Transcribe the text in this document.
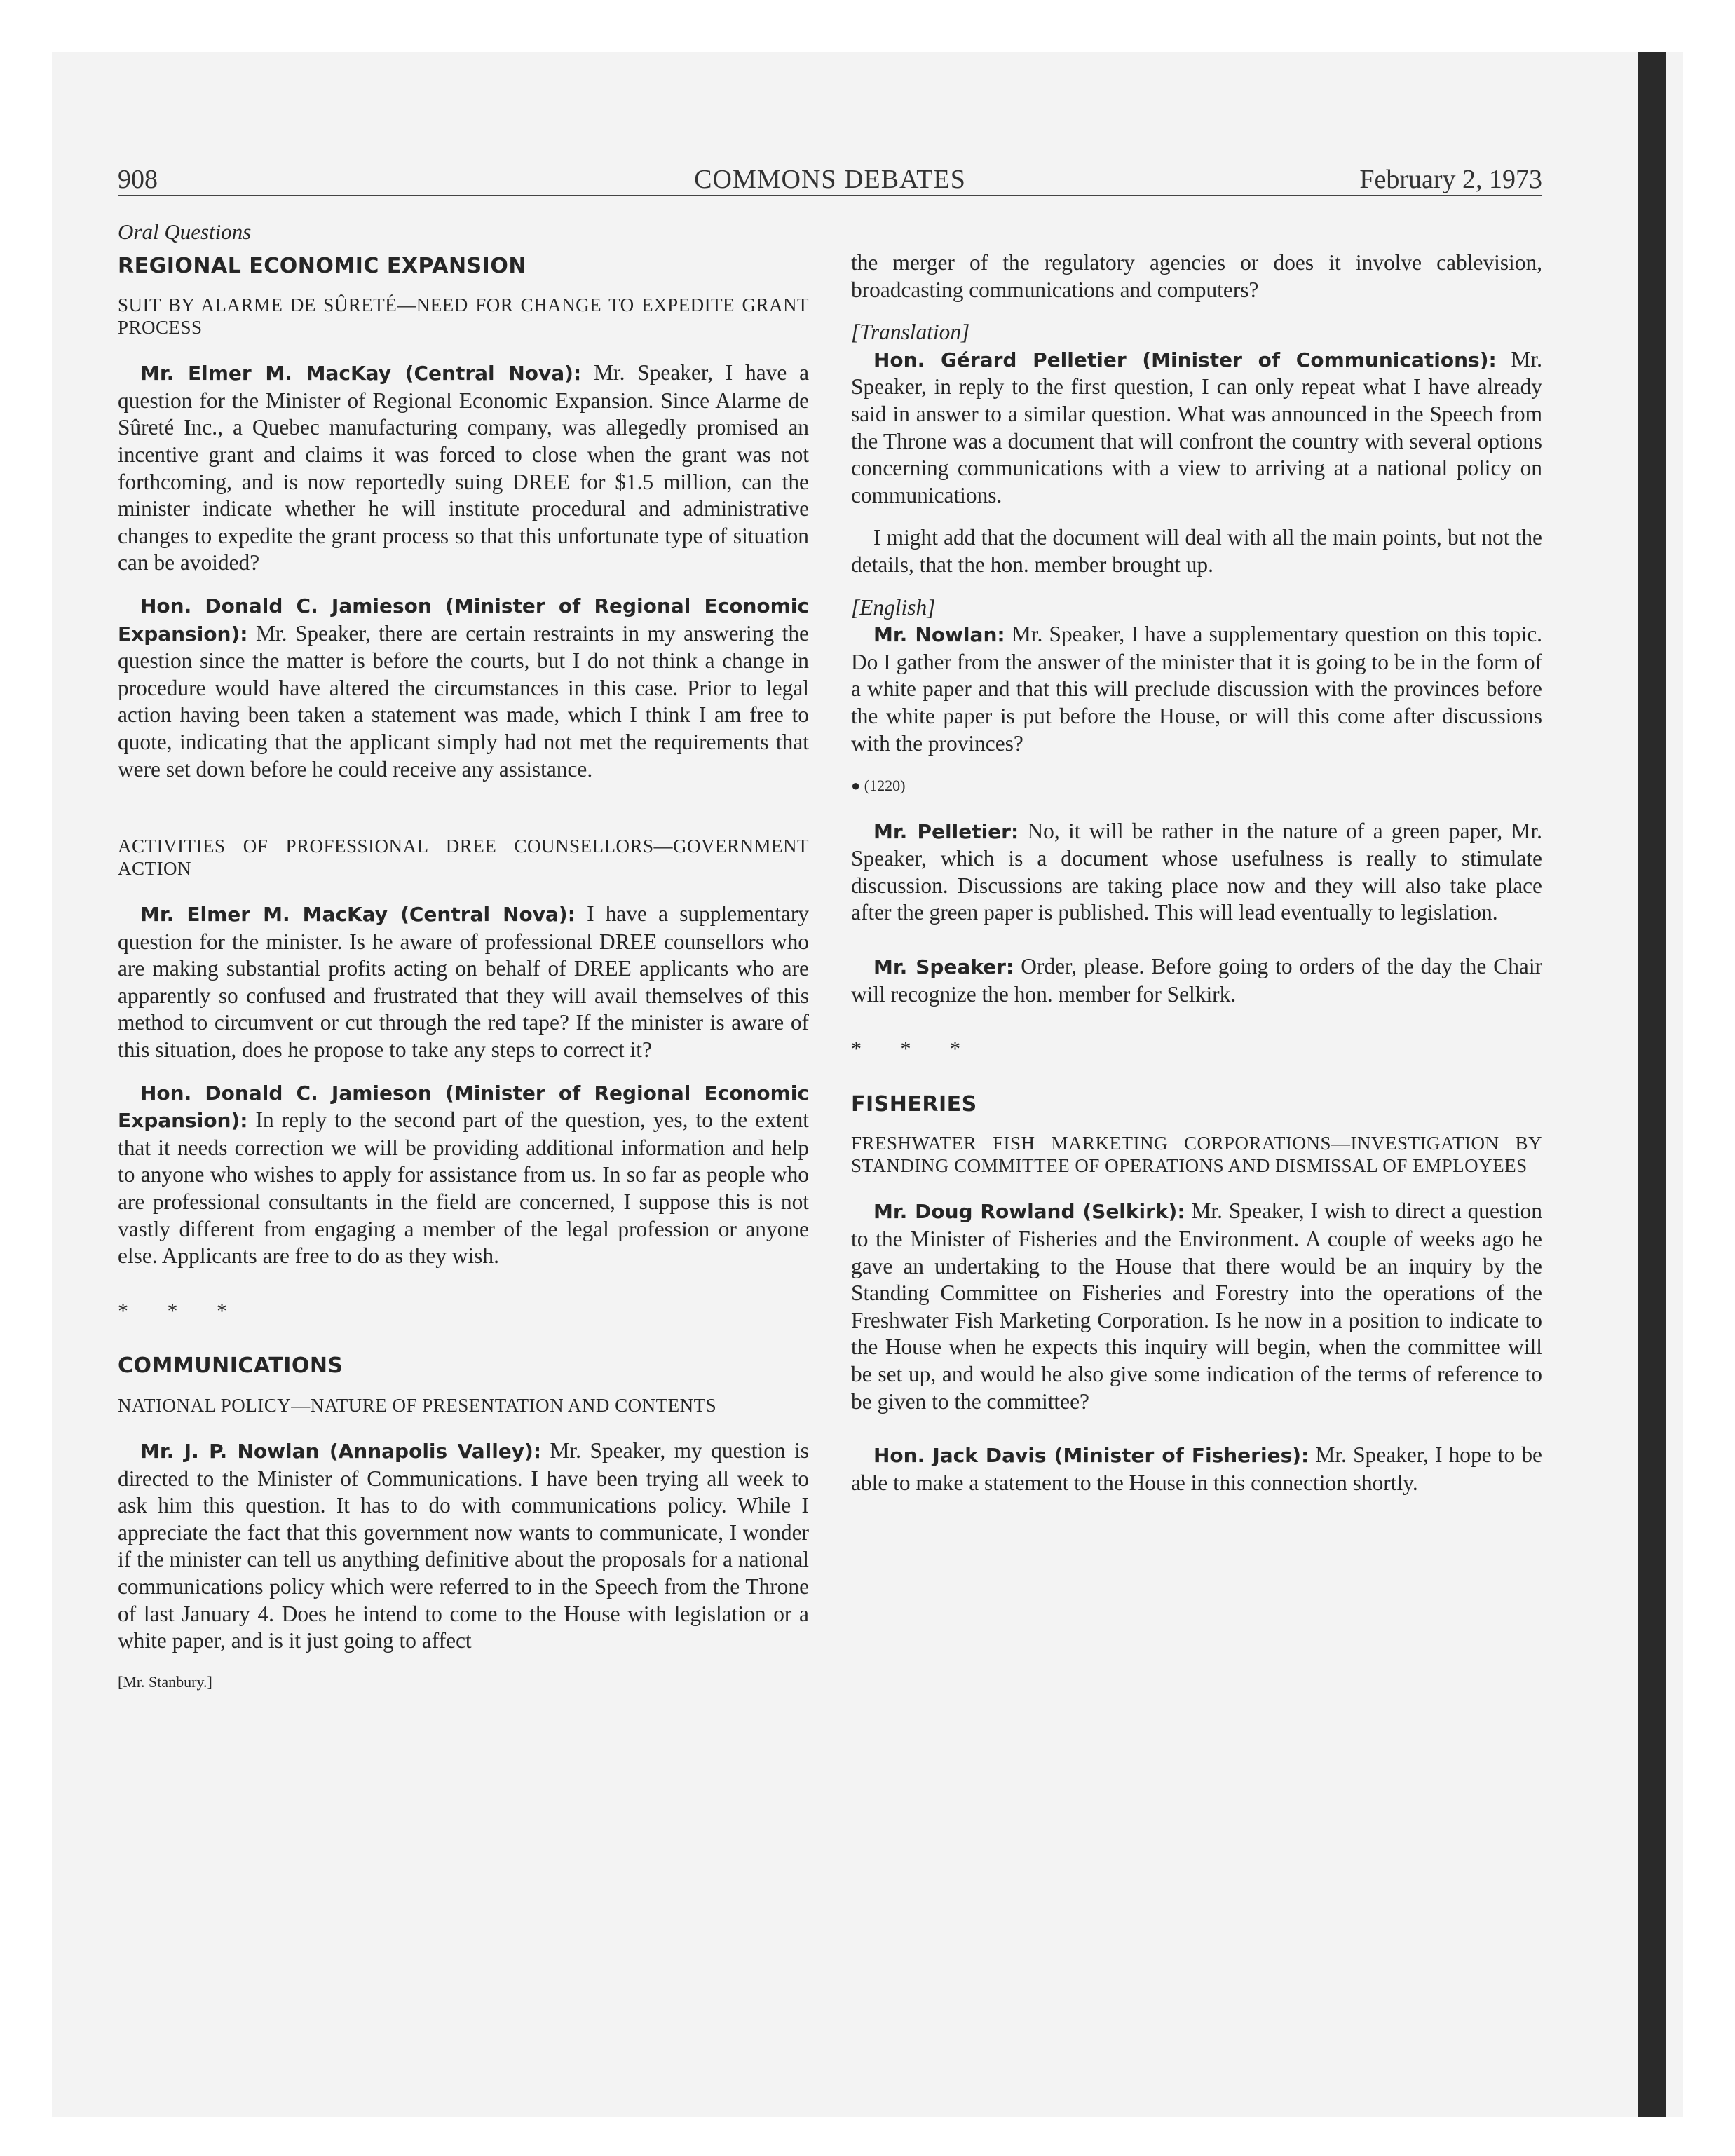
908	COMMONS DEBATES	February 2, 1973

Oral Questions

REGIONAL ECONOMIC EXPANSION

SUIT BY ALARME DE SÛRETÉ—NEED FOR CHANGE TO EXPEDITE GRANT PROCESS

Mr. Elmer M. MacKay (Central Nova): Mr. Speaker, I have a question for the Minister of Regional Economic Expansion. Since Alarme de Sûreté Inc., a Quebec manufacturing company, was allegedly promised an incentive grant and claims it was forced to close when the grant was not forthcoming, and is now reportedly suing DREE for $1.5 million, can the minister indicate whether he will institute procedural and administrative changes to expedite the grant process so that this unfortunate type of situation can be avoided?

Hon. Donald C. Jamieson (Minister of Regional Economic Expansion): Mr. Speaker, there are certain restraints in my answering the question since the matter is before the courts, but I do not think a change in procedure would have altered the circumstances in this case. Prior to legal action having been taken a statement was made, which I think I am free to quote, indicating that the applicant simply had not met the requirements that were set down before he could receive any assistance.

ACTIVITIES OF PROFESSIONAL DREE COUNSELLORS—GOVERNMENT ACTION

Mr. Elmer M. MacKay (Central Nova): I have a supplementary question for the minister. Is he aware of professional DREE counsellors who are making substantial profits acting on behalf of DREE applicants who are apparently so confused and frustrated that they will avail themselves of this method to circumvent or cut through the red tape? If the minister is aware of this situation, does he propose to take any steps to correct it?

Hon. Donald C. Jamieson (Minister of Regional Economic Expansion): In reply to the second part of the question, yes, to the extent that it needs correction we will be providing additional information and help to anyone who wishes to apply for assistance from us. In so far as people who are professional consultants in the field are concerned, I suppose this is not vastly different from engaging a member of the legal profession or anyone else. Applicants are free to do as they wish.

* * *

COMMUNICATIONS

NATIONAL POLICY—NATURE OF PRESENTATION AND CONTENTS

Mr. J. P. Nowlan (Annapolis Valley): Mr. Speaker, my question is directed to the Minister of Communications. I have been trying all week to ask him this question. It has to do with communications policy. While I appreciate the fact that this government now wants to communicate, I wonder if the minister can tell us anything definitive about the proposals for a national communications policy which were referred to in the Speech from the Throne of last January 4. Does he intend to come to the House with legislation or a white paper, and is it just going to affect

[Mr. Stanbury.]

the merger of the regulatory agencies or does it involve cablevision, broadcasting communications and computers?

[Translation]

Hon. Gérard Pelletier (Minister of Communications): Mr. Speaker, in reply to the first question, I can only repeat what I have already said in answer to a similar question. What was announced in the Speech from the Throne was a document that will confront the country with several options concerning communications with a view to arriving at a national policy on communications.

I might add that the document will deal with all the main points, but not the details, that the hon. member brought up.

[English]

Mr. Nowlan: Mr. Speaker, I have a supplementary question on this topic. Do I gather from the answer of the minister that it is going to be in the form of a white paper and that this will preclude discussion with the provinces before the white paper is put before the House, or will this come after discussions with the provinces?

● (1220)

Mr. Pelletier: No, it will be rather in the nature of a green paper, Mr. Speaker, which is a document whose usefulness is really to stimulate discussion. Discussions are taking place now and they will also take place after the green paper is published. This will lead eventually to legislation.

Mr. Speaker: Order, please. Before going to orders of the day the Chair will recognize the hon. member for Selkirk.

* * *

FISHERIES

FRESHWATER FISH MARKETING CORPORATIONS—INVESTIGATION BY STANDING COMMITTEE OF OPERATIONS AND DISMISSAL OF EMPLOYEES

Mr. Doug Rowland (Selkirk): Mr. Speaker, I wish to direct a question to the Minister of Fisheries and the Environment. A couple of weeks ago he gave an undertaking to the House that there would be an inquiry by the Standing Committee on Fisheries and Forestry into the operations of the Freshwater Fish Marketing Corporation. Is he now in a position to indicate to the House when he expects this inquiry will begin, when the committee will be set up, and would he also give some indication of the terms of reference to be given to the committee?

Hon. Jack Davis (Minister of Fisheries): Mr. Speaker, I hope to be able to make a statement to the House in this connection shortly.
